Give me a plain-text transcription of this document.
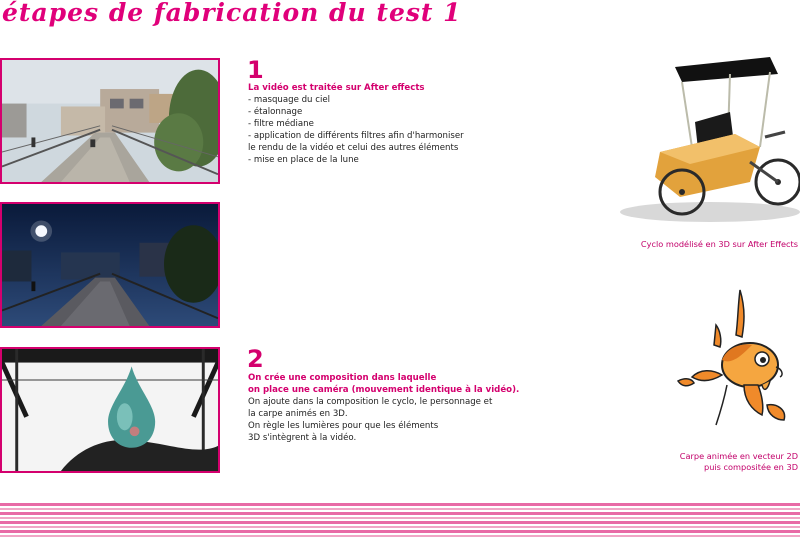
étapes de fabrication du test 1
1
La vidéo est traitée sur After effects
- masquage du ciel
- étalonnage
- filtre médiane
- application de différents filtres afin d'harmoniser
le rendu de la vidéo et celui des autres éléments
- mise en place de la lune
2
On crée une composition dans laquelle
on place une caméra (mouvement identique à la vidéo).
On ajoute dans la composition le cyclo, le personnage et
la carpe animés en 3D.
On règle les lumières pour que les éléments
3D s'intègrent à la vidéo.
Cyclo modélisé en 3D sur After Effects
Carpe animée en vecteur 2D
puis compositée en 3D
